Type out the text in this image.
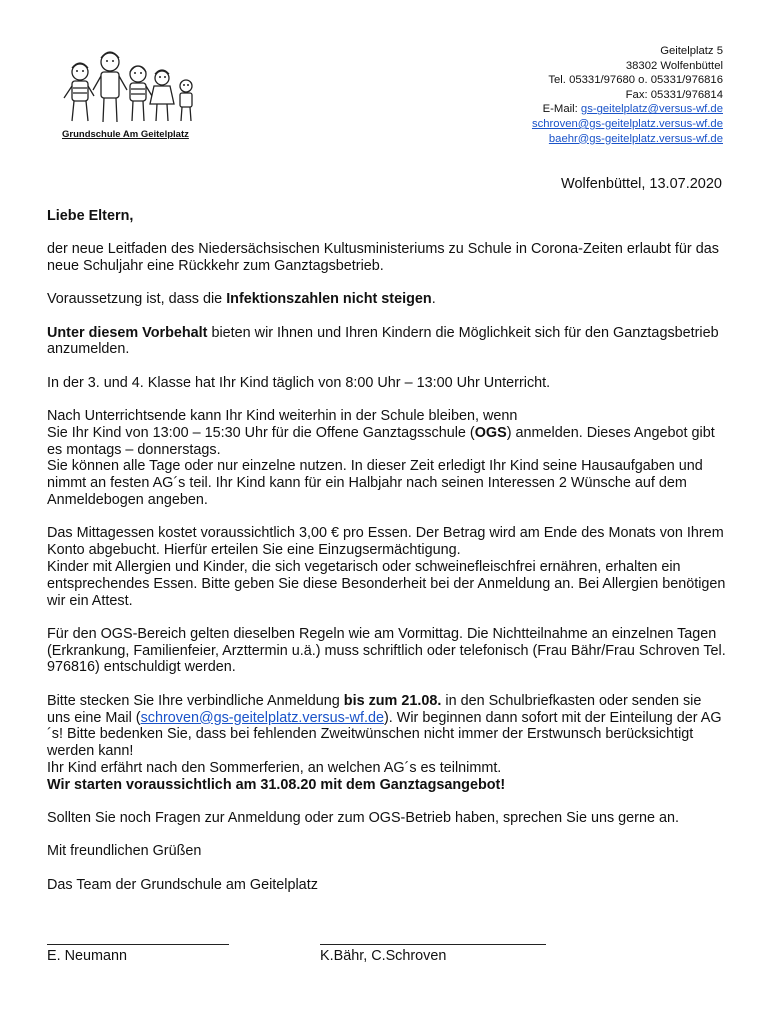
Grundschule Am Geitelplatz
Geitelplatz 5
38302 Wolfenbüttel
Tel. 05331/97680 o. 05331/976816
Fax: 05331/976814
E-Mail: gs-geitelplatz@versus-wf.de
schroven@gs-geitelplatz.versus-wf.de
baehr@gs-geitelplatz.versus-wf.de
Wolfenbüttel, 13.07.2020

Liebe Eltern,

der neue Leitfaden des Niedersächsischen Kultusministeriums zu Schule in Corona-Zeiten erlaubt für das neue Schuljahr eine Rückkehr zum Ganztagsbetrieb.

Voraussetzung ist, dass die Infektionszahlen nicht steigen.

Unter diesem Vorbehalt bieten wir Ihnen und Ihren Kindern die Möglichkeit sich für den Ganztagsbetrieb anzumelden.

In der 3. und 4. Klasse hat Ihr Kind täglich von 8:00 Uhr – 13:00 Uhr Unterricht.

Nach Unterrichtsende kann Ihr Kind weiterhin in der Schule bleiben, wenn
Sie Ihr Kind von 13:00 – 15:30 Uhr für die Offene Ganztagsschule (OGS) anmelden. Dieses Angebot gibt es montags – donnerstags.
Sie können alle Tage oder nur einzelne nutzen. In dieser Zeit erledigt Ihr Kind seine Hausaufgaben und nimmt an festen AG´s teil. Ihr Kind kann für ein Halbjahr nach seinen Interessen 2 Wünsche auf dem Anmeldebogen angeben.

Das Mittagessen kostet voraussichtlich 3,00 € pro Essen. Der Betrag wird am Ende des Monats von Ihrem Konto abgebucht. Hierfür erteilen Sie eine Einzugsermächtigung.
Kinder mit Allergien und Kinder, die sich vegetarisch oder schweinefleischfrei ernähren, erhalten ein entsprechendes Essen. Bitte geben Sie diese Besonderheit bei der Anmeldung an. Bei Allergien benötigen wir ein Attest.

Für den OGS-Bereich gelten dieselben Regeln wie am Vormittag. Die Nichtteilnahme an einzelnen Tagen (Erkrankung, Familienfeier, Arzttermin u.ä.) muss schriftlich oder telefonisch (Frau Bähr/Frau Schroven Tel. 976816) entschuldigt werden.

Bitte stecken Sie Ihre verbindliche Anmeldung bis zum 21.08. in den Schulbriefkasten oder senden sie uns eine Mail (schroven@gs-geitelplatz.versus-wf.de). Wir beginnen dann sofort mit der Einteilung der AG´s! Bitte bedenken Sie, dass bei fehlenden Zweitwünschen nicht immer der Erstwunsch berücksichtigt werden kann!
Ihr Kind erfährt nach den Sommerferien, an welchen AG´s es teilnimmt.
Wir starten voraussichtlich am 31.08.20 mit dem Ganztagsangebot!

Sollten Sie noch Fragen zur Anmeldung oder zum OGS-Betrieb haben, sprechen Sie uns gerne an.

Mit freundlichen Grüßen

Das Team der Grundschule am Geitelplatz

E. Neumann	K.Bähr, C.Schroven
